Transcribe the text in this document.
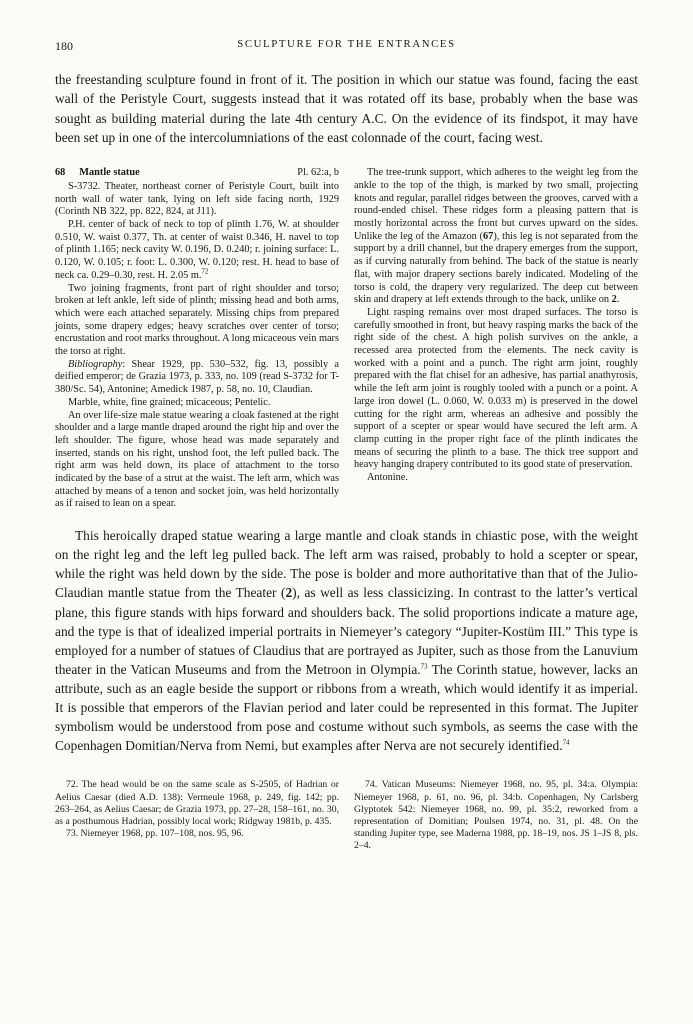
180	SCULPTURE FOR THE ENTRANCES

the freestanding sculpture found in front of it. The position in which our statue was found, facing the east wall of the Peristyle Court, suggests instead that it was rotated off its base, probably when the base was sought as building material during the late 4th century A.C. On the evidence of its findspot, it may have been set up in one of the intercolumniations of the east colonnade of the court, facing west.

68 Mantle statue	Pl. 62:a, b

S-3732. Theater, northeast corner of Peristyle Court, built into north wall of water tank, lying on left side facing north, 1929 (Corinth NB 322, pp. 822, 824, at J11).

P.H. center of back of neck to top of plinth 1.76, W. at shoulder 0.510, W. waist 0.377, Th. at center of waist 0.346, H. navel to top of plinth 1.165; neck cavity W. 0.196, D. 0.240; r. joining surface: L. 0.120, W. 0.105; r. foot: L. 0.300, W. 0.120; rest. H. head to base of neck ca. 0.29–0.30, rest. H. 2.05 m.$^{72}$

Two joining fragments, front part of right shoulder and torso; broken at left ankle, left side of plinth; missing head and both arms, which were each attached separately. Missing chips from prepared joints, some drapery edges; heavy scratches over center of torso; encrustation and root marks throughout. A long micaceous vein mars the torso at right.

Bibliography: Shear 1929, pp. 530–532, fig. 13, possibly a deified emperor; de Grazia 1973, p. 333, no. 109 (read S-3732 for T-380/Sc. 54), Antonine; Amedick 1987, p. 58, no. 10, Claudian.

Marble, white, fine grained; micaceous; Pentelic.

An over life-size male statue wearing a cloak fastened at the right shoulder and a large mantle draped around the right hip and over the left shoulder. The figure, whose head was made separately and inserted, stands on his right, unshod foot, the left pulled back. The right arm was held down, its place of attachment to the torso indicated by the base of a strut at the waist. The left arm, which was attached by means of a tenon and socket join, was held horizontally as if raised to lean on a spear.

The tree-trunk support, which adheres to the weight leg from the ankle to the top of the thigh, is marked by two small, projecting knots and regular, parallel ridges between the grooves, carved with a round-ended chisel. These ridges form a pleasing pattern that is mostly horizontal across the front but curves upward on the sides. Unlike the leg of the Amazon (67), this leg is not separated from the support by a drill channel, but the drapery emerges from the support, as if curving naturally from behind. The back of the statue is nearly flat, with major drapery sections barely indicated. Modeling of the torso is cold, the drapery very regularized. The deep cut between skin and drapery at left extends through to the back, unlike on 2.

Light rasping remains over most draped surfaces. The torso is carefully smoothed in front, but heavy rasping marks the back of the right side of the chest. A high polish survives on the ankle, a recessed area protected from the elements. The neck cavity is worked with a point and a punch. The right arm joint, roughly prepared with the flat chisel for an adhesive, has partial anathyrosis, while the left arm joint is roughly tooled with a punch or a point. A large iron dowel (L. 0.060, W. 0.033 m) is preserved in the dowel cutting for the right arm, whereas an adhesive and possibly the support of a scepter or spear would have secured the left arm. A clamp cutting in the proper right face of the plinth indicates the means of securing the plinth to a base. The thick tree support and heavy hanging drapery contributed to its good state of preservation.

Antonine.

This heroically draped statue wearing a large mantle and cloak stands in chiastic pose, with the weight on the right leg and the left leg pulled back. The left arm was raised, probably to hold a scepter or spear, while the right was held down by the side. The pose is bolder and more authoritative than that of the Julio-Claudian mantle statue from the Theater (2), as well as less classicizing. In contrast to the latter’s vertical plane, this figure stands with hips forward and shoulders back. The solid proportions indicate a mature age, and the type is that of idealized imperial portraits in Niemeyer’s category “Jupiter-Kostüm III.” This type is employed for a number of statues of Claudius that are portrayed as Jupiter, such as those from the Lanuvium theater in the Vatican Museums and from the Metroon in Olympia.$^{73}$ The Corinth statue, however, lacks an attribute, such as an eagle beside the support or ribbons from a wreath, which would identify it as imperial. It is possible that emperors of the Flavian period and later could be represented in this format. The Jupiter symbolism would be understood from pose and costume without such symbols, as seems the case with the Copenhagen Domitian/Nerva from Nemi, but examples after Nerva are not securely identified.$^{74}$

72. The head would be on the same scale as S-2505, of Hadrian or Aelius Caesar (died A.D. 138): Vermeule 1968, p. 249, fig. 142; pp. 263–264, as Aelius Caesar; de Grazia 1973, pp. 27–28, 158–161, no. 30, as a posthumous Hadrian, possibly local work; Ridgway 1981b, p. 435.

73. Niemeyer 1968, pp. 107–108, nos. 95, 96.

74. Vatican Museums: Niemeyer 1968, no. 95, pl. 34:a. Olympia: Niemeyer 1968, p. 61, no. 96, pl. 34:b. Copenhagen, Ny Carlsberg Glyptotek 542: Niemeyer 1968, no. 99, pl. 35:2, reworked from a representation of Domitian; Poulsen 1974, no. 31, pl. 48. On the standing Jupiter type, see Maderna 1988, pp. 18–19, nos. JS 1–JS 8, pls. 2–4.
